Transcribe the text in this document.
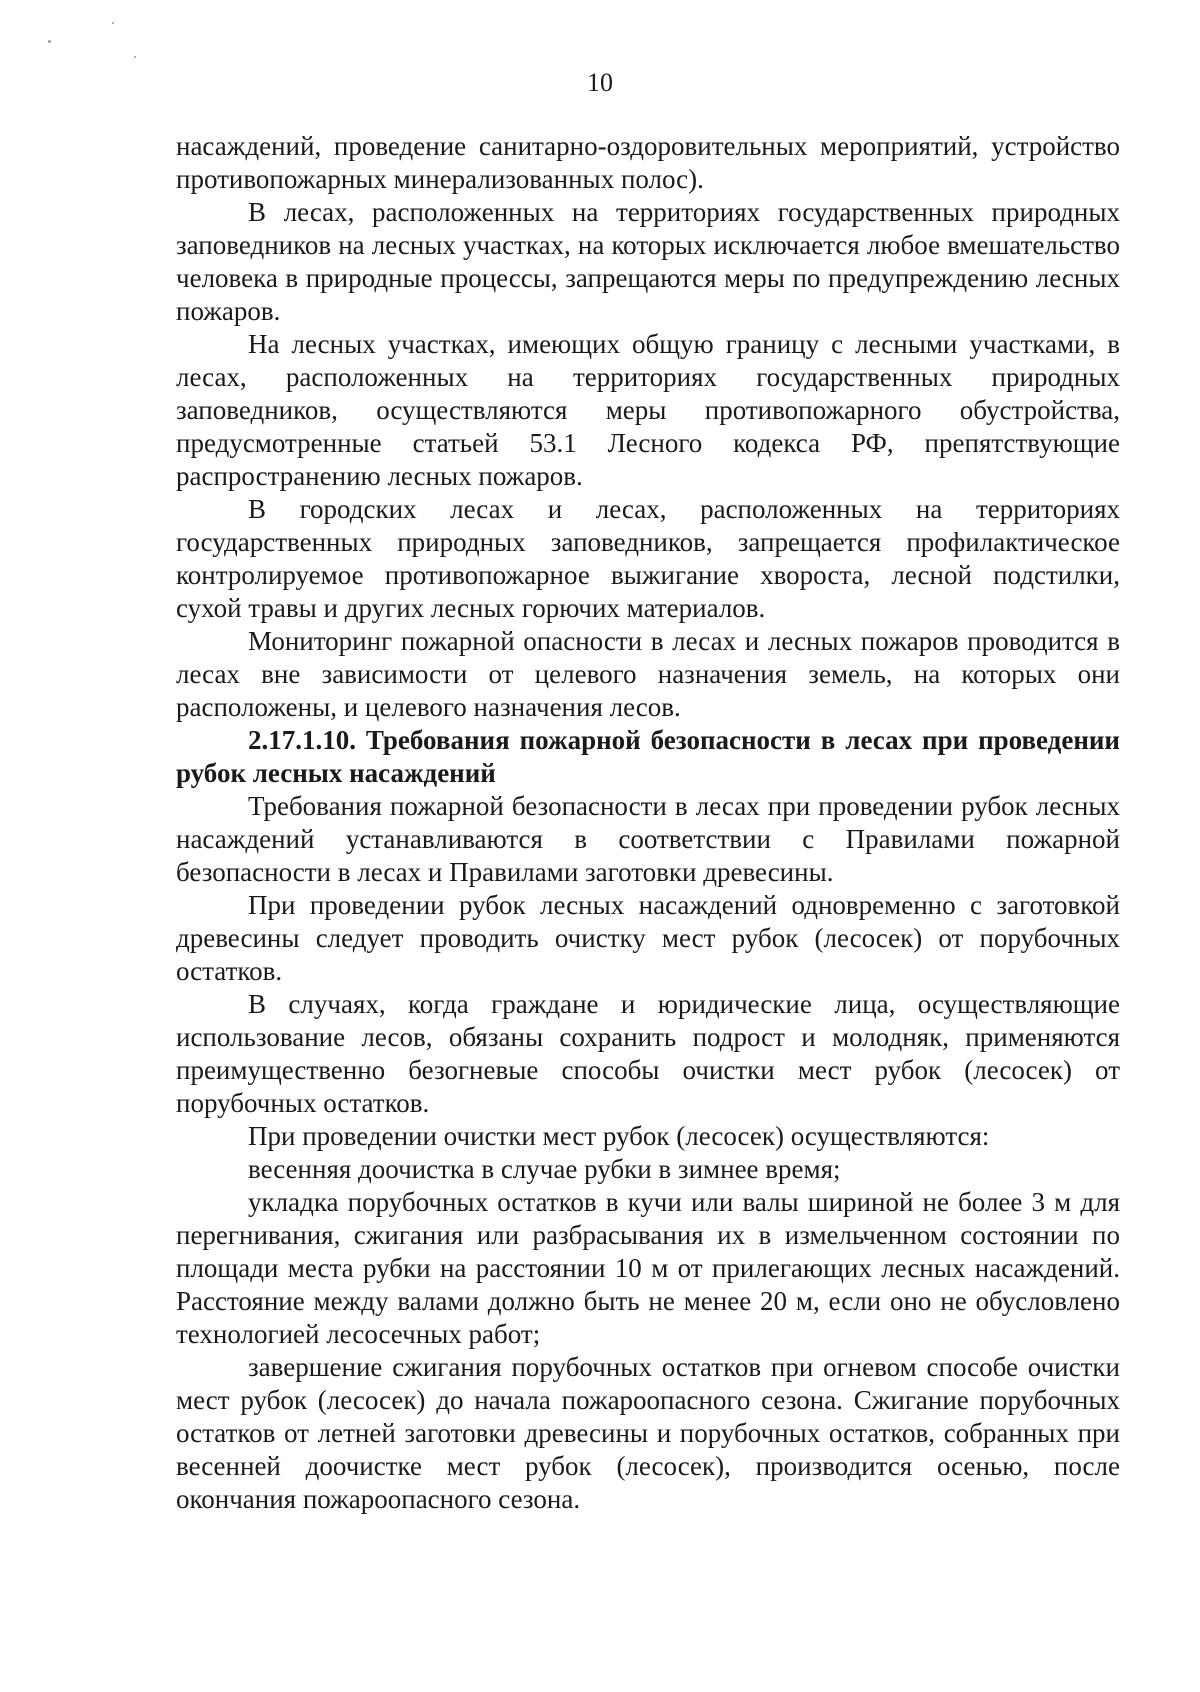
10

насаждений, проведение санитарно-оздоровительных мероприятий, устройство противопожарных минерализованных полос).

В лесах, расположенных на территориях государственных природных заповедников на лесных участках, на которых исключается любое вмешательство человека в природные процессы, запрещаются меры по предупреждению лесных пожаров.

На лесных участках, имеющих общую границу с лесными участками, в лесах, расположенных на территориях государственных природных заповедников, осуществляются меры противопожарного обустройства, предусмотренные статьей 53.1 Лесного кодекса РФ, препятствующие распространению лесных пожаров.

В городских лесах и лесах, расположенных на территориях государственных природных заповедников, запрещается профилактическое контролируемое противопожарное выжигание хвороста, лесной подстилки, сухой травы и других лесных горючих материалов.

Мониторинг пожарной опасности в лесах и лесных пожаров проводится в лесах вне зависимости от целевого назначения земель, на которых они расположены, и целевого назначения лесов.

2.17.1.10. Требования пожарной безопасности в лесах при проведении рубок лесных насаждений

Требования пожарной безопасности в лесах при проведении рубок лесных насаждений устанавливаются в соответствии с Правилами пожарной безопасности в лесах и Правилами заготовки древесины.

При проведении рубок лесных насаждений одновременно с заготовкой древесины следует проводить очистку мест рубок (лесосек) от порубочных остатков.

В случаях, когда граждане и юридические лица, осуществляющие использование лесов, обязаны сохранить подрост и молодняк, применяются преимущественно безогневые способы очистки мест рубок (лесосек) от порубочных остатков.

При проведении очистки мест рубок (лесосек) осуществляются:

весенняя доочистка в случае рубки в зимнее время;

укладка порубочных остатков в кучи или валы шириной не более 3 м для перегнивания, сжигания или разбрасывания их в измельченном состоянии по площади места рубки на расстоянии 10 м от прилегающих лесных насаждений. Расстояние между валами должно быть не менее 20 м, если оно не обусловлено технологией лесосечных работ;

завершение сжигания порубочных остатков при огневом способе очистки мест рубок (лесосек) до начала пожароопасного сезона. Сжигание порубочных остатков от летней заготовки древесины и порубочных остатков, собранных при весенней доочистке мест рубок (лесосек), производится осенью, после окончания пожароопасного сезона.
